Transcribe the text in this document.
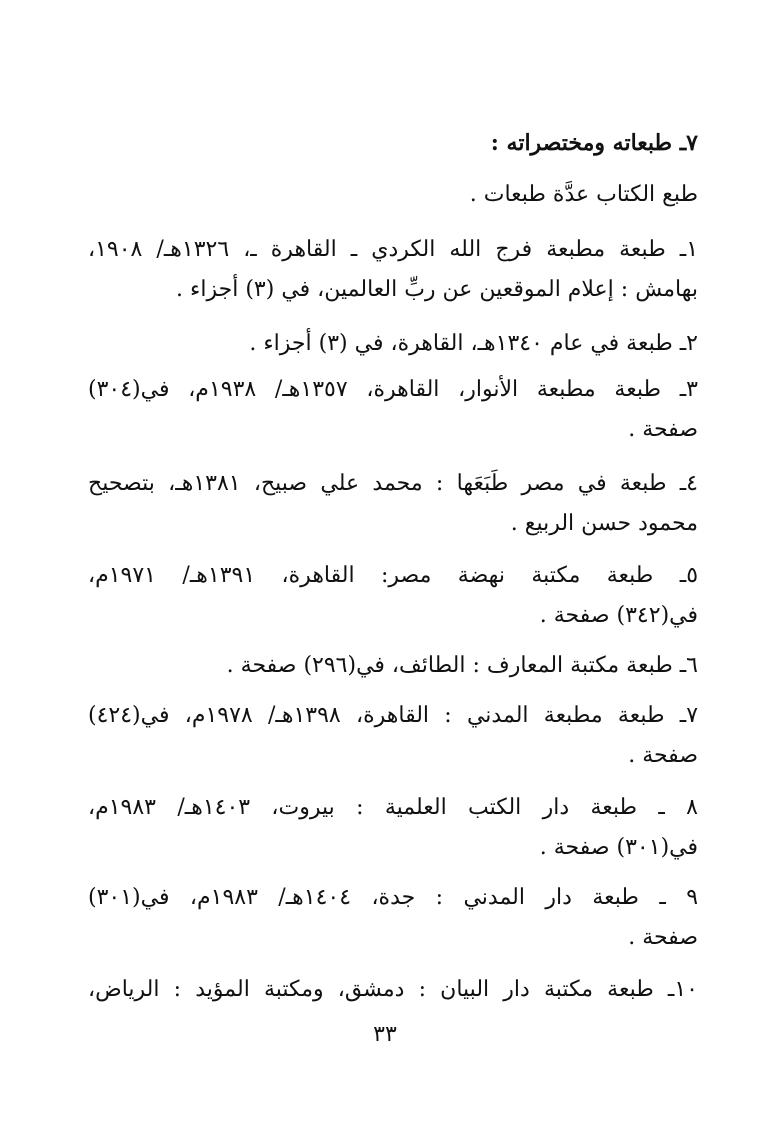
٧ـ طبعاته ومختصراته :
طبع الكتاب عدَّة طبعات .
١ـ طبعة مطبعة فرج الله الكردي ـ القاهرة ـ، ١٣٢٦هـ/ ١٩٠٨،
بهامش : إعلام الموقعين عن ربِّ العالمين، في (٣) أجزاء .
٢ـ طبعة في عام ١٣٤٠هـ، القاهرة، في (٣) أجزاء .
٣ـ طبعة مطبعة الأنوار، القاهرة، ١٣٥٧هـ/ ١٩٣٨م، في(٣٠٤)
صفحة .
٤ـ طبعة في مصر طَبَعَها : محمد علي صبيح، ١٣٨١هـ، بتصحيح
محمود حسن الربيع .
٥ـ طبعة مكتبة نهضة مصر: القاهرة، ١٣٩١هـ/ ١٩٧١م،
في(٣٤٢) صفحة .
٦ـ طبعة مكتبة المعارف : الطائف، في(٢٩٦) صفحة .
٧ـ طبعة مطبعة المدني : القاهرة، ١٣٩٨هـ/ ١٩٧٨م، في(٤٢٤)
صفحة .
٨ ـ طبعة دار الكتب العلمية : بيروت، ١٤٠٣هـ/ ١٩٨٣م،
في(٣٠١) صفحة .
٩ ـ طبعة دار المدني : جدة، ١٤٠٤هـ/ ١٩٨٣م، في(٣٠١)
صفحة .
١٠ـ طبعة مكتبة دار البيان : دمشق، ومكتبة المؤيد : الرياض،
٣٣
